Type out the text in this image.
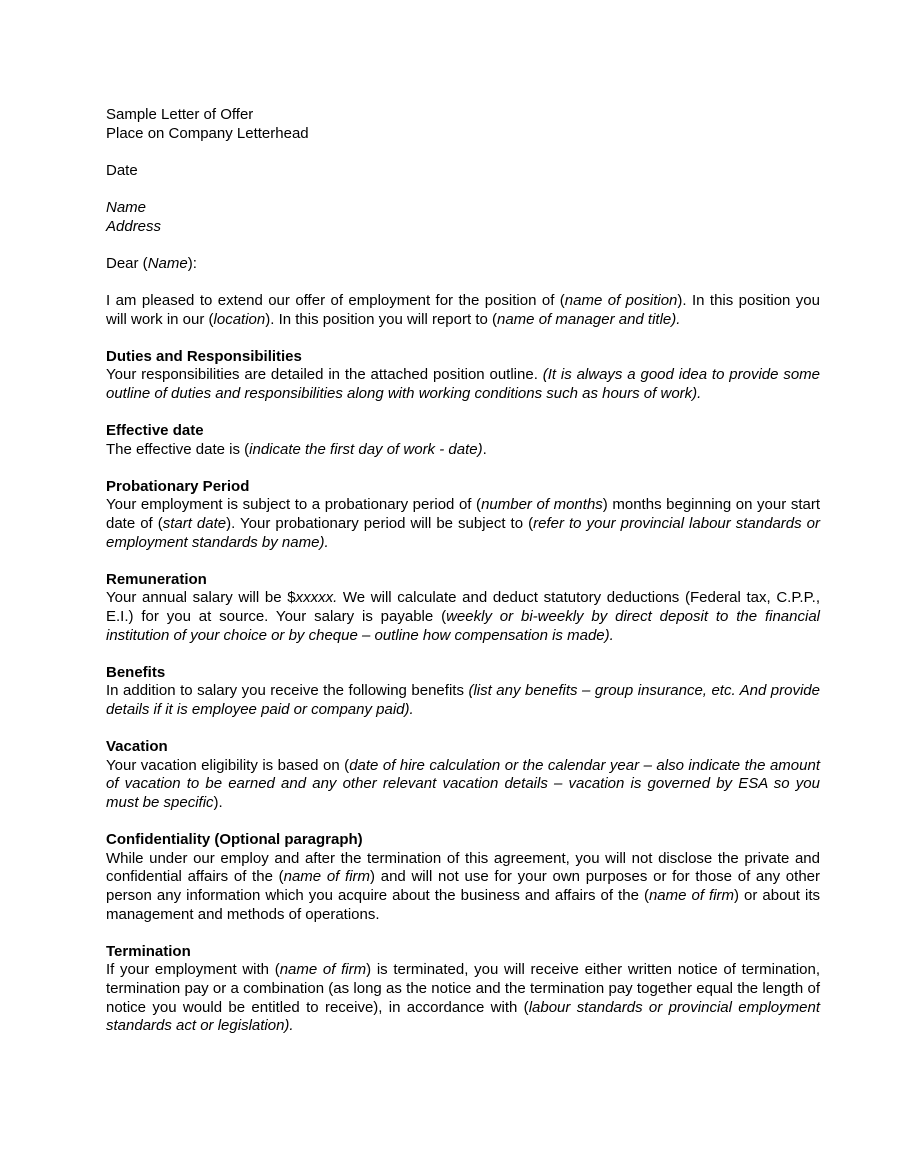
Sample Letter of Offer
Place on Company Letterhead
Date
Name
Address
Dear (Name):

I am pleased to extend our offer of employment for the position of (name of position). In this position you will work in our (location). In this position you will report to (name of manager and title).

Duties and Responsibilities

Your responsibilities are detailed in the attached position outline. (It is always a good idea to provide some outline of duties and responsibilities along with working conditions such as hours of work).

Effective date

The effective date is (indicate the first day of work - date).

Probationary Period

Your employment is subject to a probationary period of (number of months) months beginning on your start date of (start date). Your probationary period will be subject to (refer to your provincial labour standards or employment standards by name).

Remuneration

Your annual salary will be $xxxxx. We will calculate and deduct statutory deductions (Federal tax, C.P.P., E.I.) for you at source. Your salary is payable (weekly or bi-weekly by direct deposit to the financial institution of your choice or by cheque – outline how compensation is made).

Benefits

In addition to salary you receive the following benefits (list any benefits – group insurance, etc. And provide details if it is employee paid or company paid).

Vacation

Your vacation eligibility is based on (date of hire calculation or the calendar year – also indicate the amount of vacation to be earned and any other relevant vacation details – vacation is governed by ESA so you must be specific).

Confidentiality (Optional paragraph)

While under our employ and after the termination of this agreement, you will not disclose the private and confidential affairs of the (name of firm) and will not use for your own purposes or for those of any other person any information which you acquire about the business and affairs of the (name of firm) or about its management and methods of operations.

Termination

If your employment with (name of firm) is terminated, you will receive either written notice of termination, termination pay or a combination (as long as the notice and the termination pay together equal the length of notice you would be entitled to receive), in accordance with (labour standards or provincial employment standards act or legislation).
